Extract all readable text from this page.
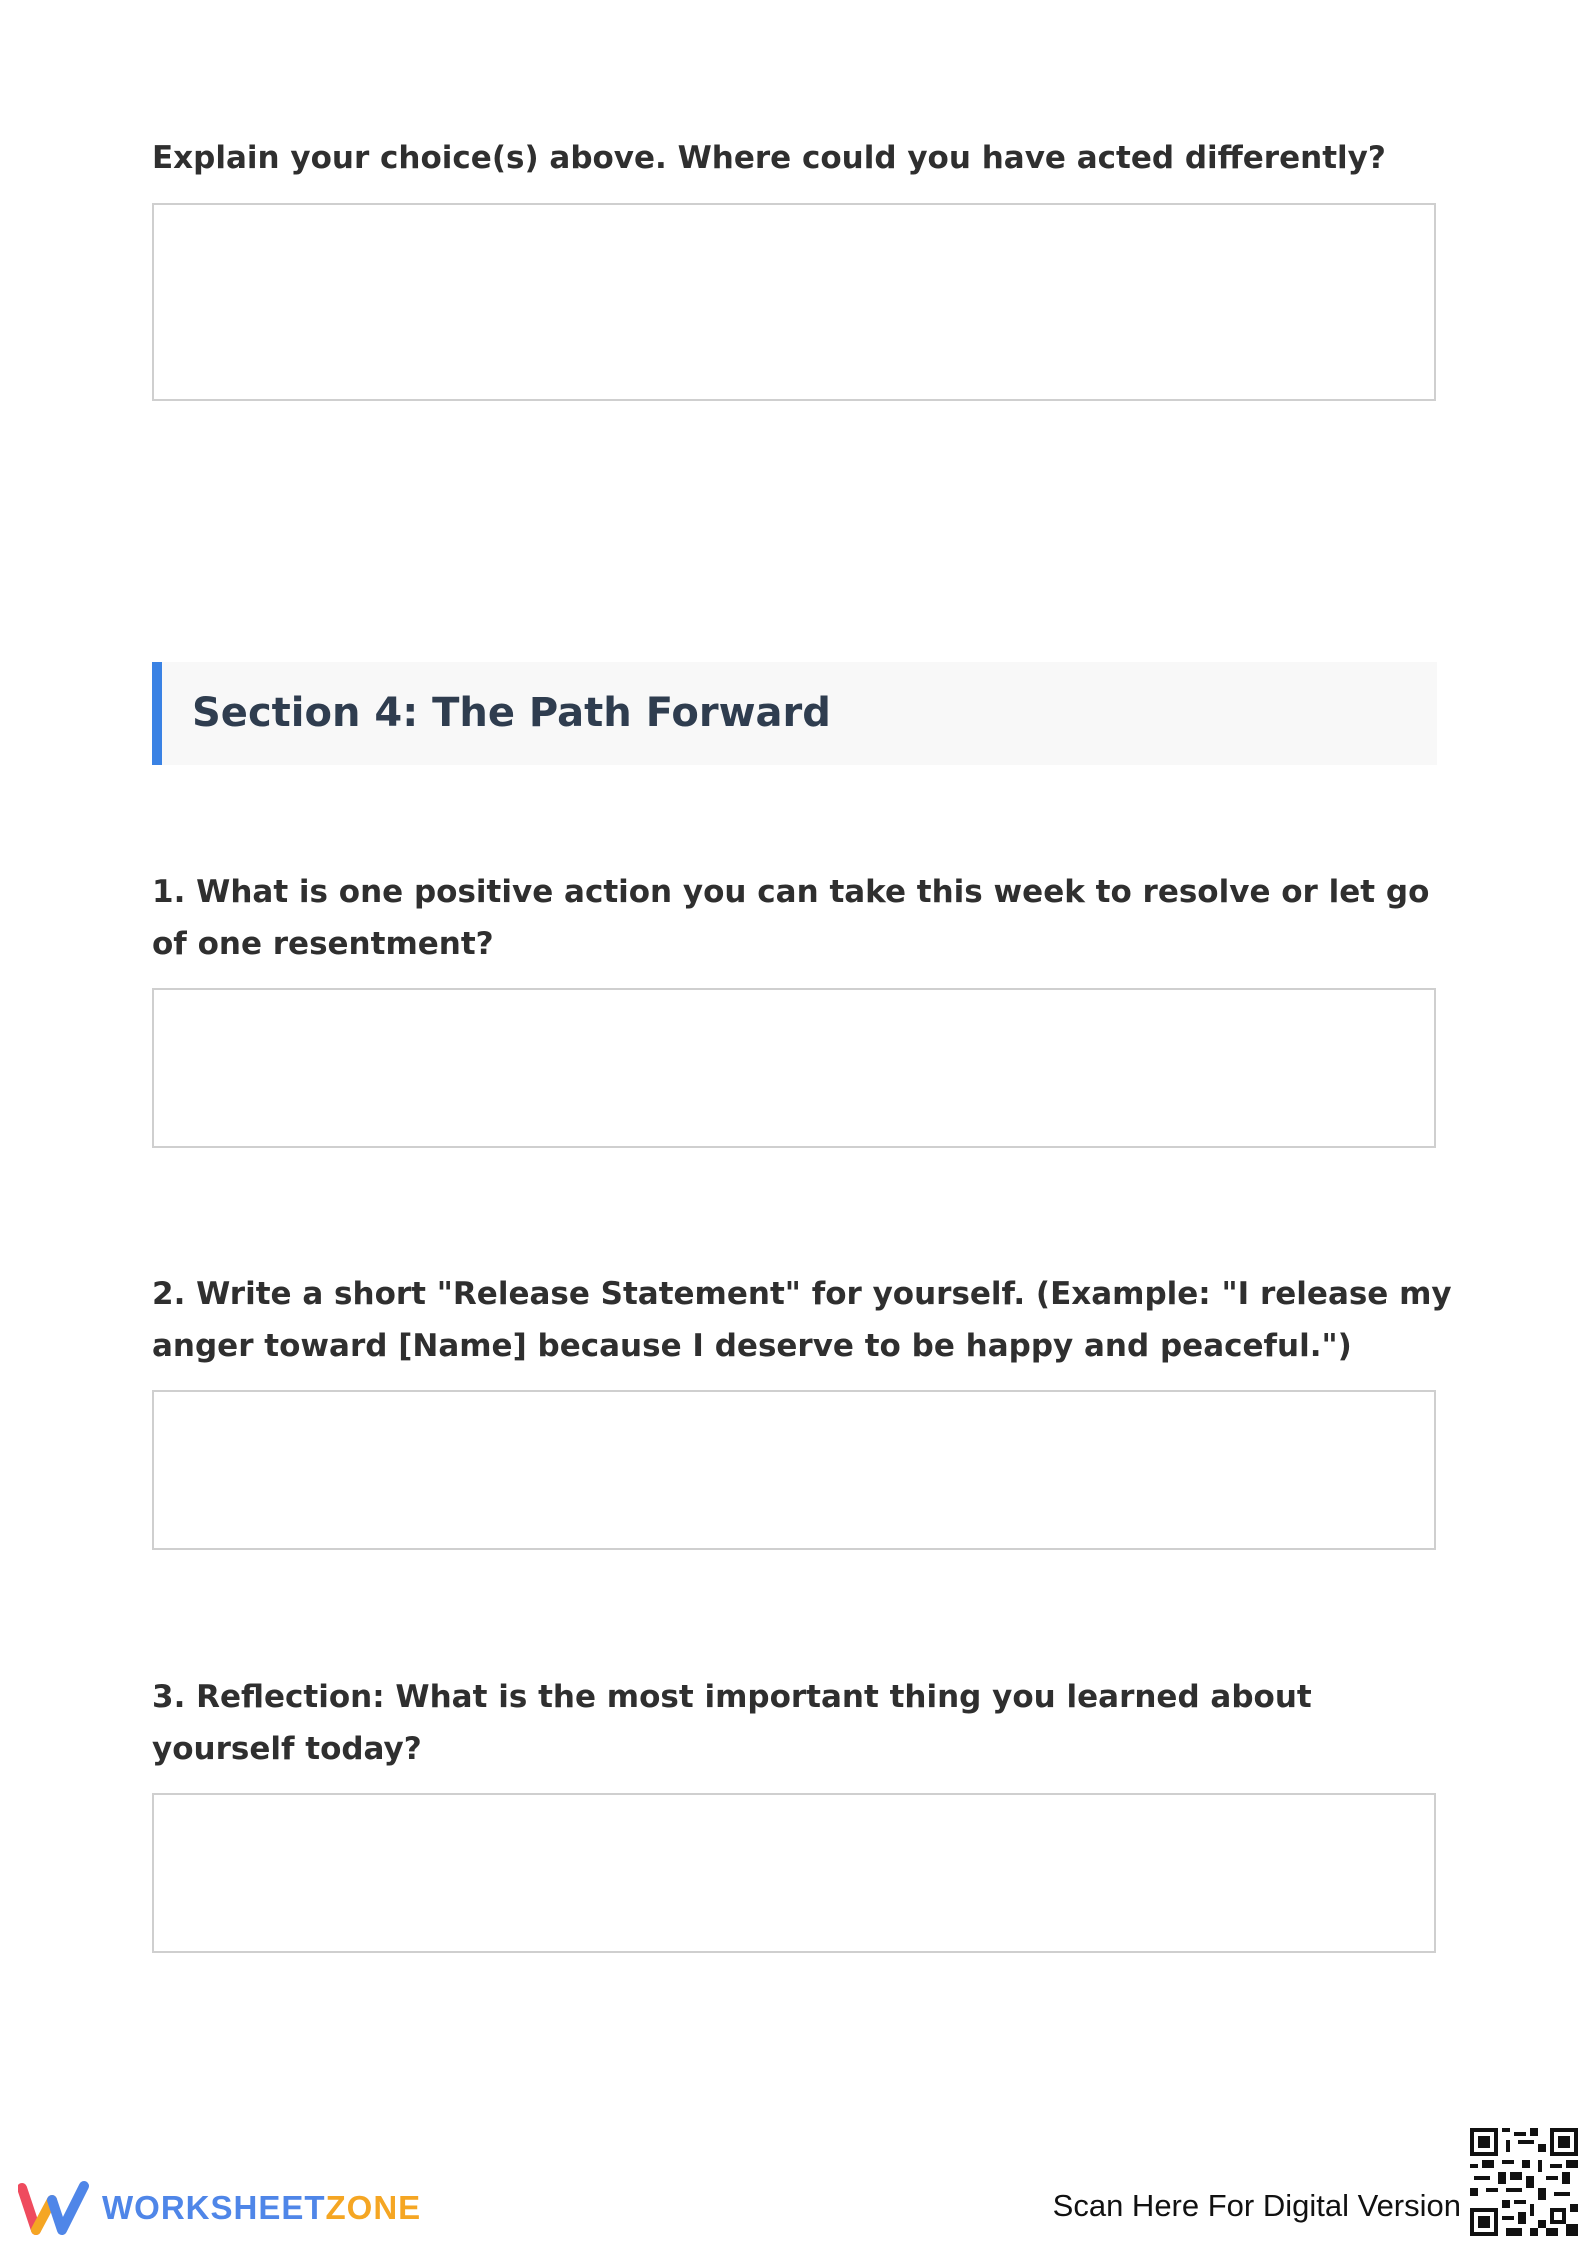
Explain your choice(s) above. Where could you have acted differently?

Section 4: The Path Forward

1. What is one positive action you can take this week to resolve or let go of one resentment?

2. Write a short "Release Statement" for yourself. (Example: "I release my anger toward [Name] because I deserve to be happy and peaceful.")

3. Reflection: What is the most important thing you learned about yourself today?

WORKSHEETZONE	Scan Here For Digital Version
